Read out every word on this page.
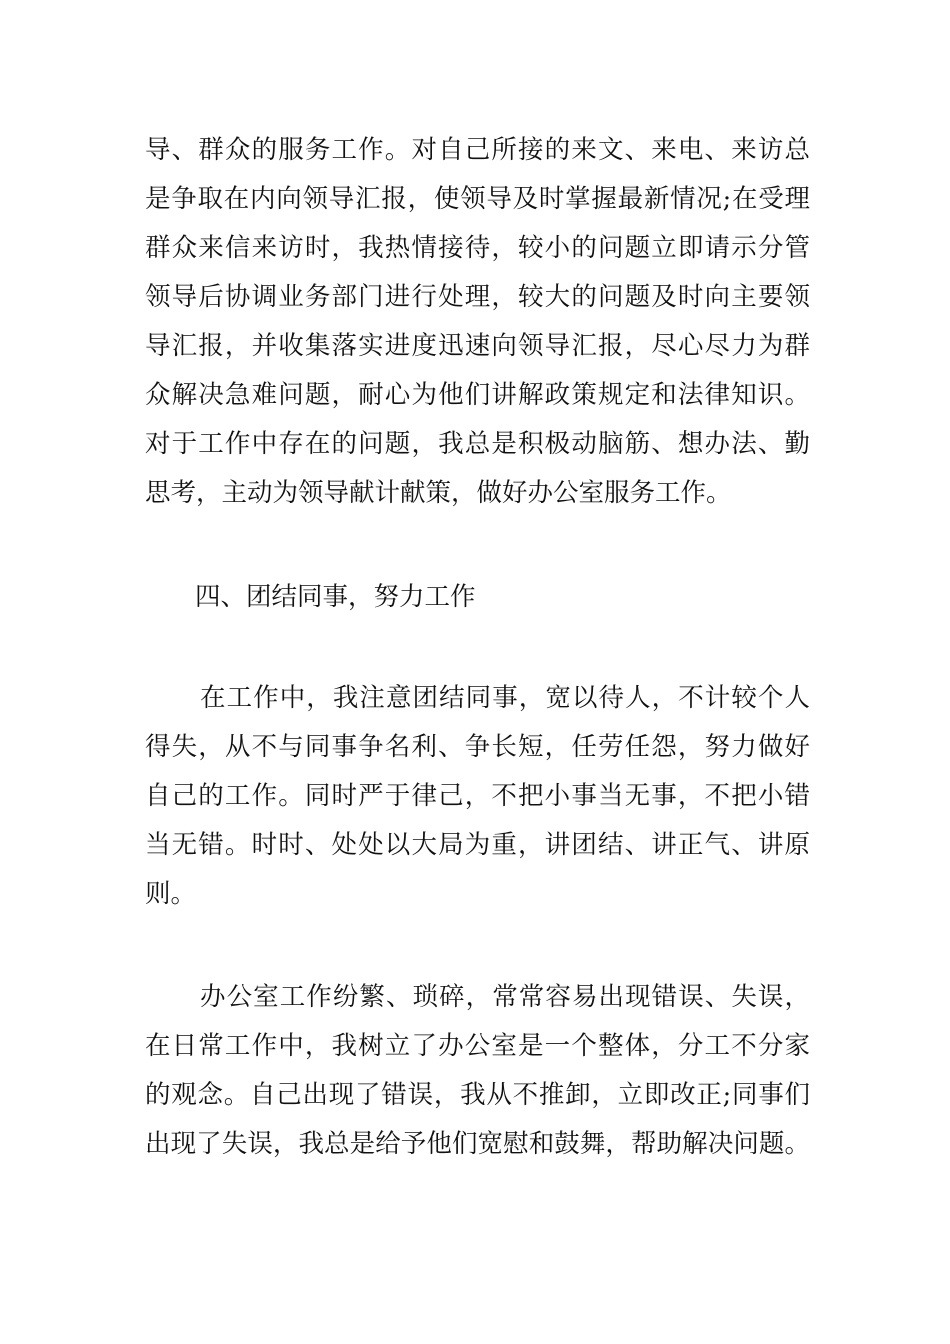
导、群众的服务工作。对自己所接的来文、来电、来访总
是争取在内向领导汇报，使领导及时掌握最新情况;在受理
群众来信来访时，我热情接待，较小的问题立即请示分管
领导后协调业务部门进行处理，较大的问题及时向主要领
导汇报，并收集落实进度迅速向领导汇报，尽心尽力为群
众解决急难问题，耐心为他们讲解政策规定和法律知识。
对于工作中存在的问题，我总是积极动脑筋、想办法、勤
思考，主动为领导献计献策，做好办公室服务工作。
四、团结同事，努力工作
在工作中，我注意团结同事，宽以待人，不计较个人
得失，从不与同事争名利、争长短，任劳任怨，努力做好
自己的工作。同时严于律己，不把小事当无事，不把小错
当无错。时时、处处以大局为重，讲团结、讲正气、讲原
则。
办公室工作纷繁、琐碎，常常容易出现错误、失误，
在日常工作中，我树立了办公室是一个整体，分工不分家
的观念。自己出现了错误，我从不推卸，立即改正;同事们
出现了失误，我总是给予他们宽慰和鼓舞，帮助解决问题。
